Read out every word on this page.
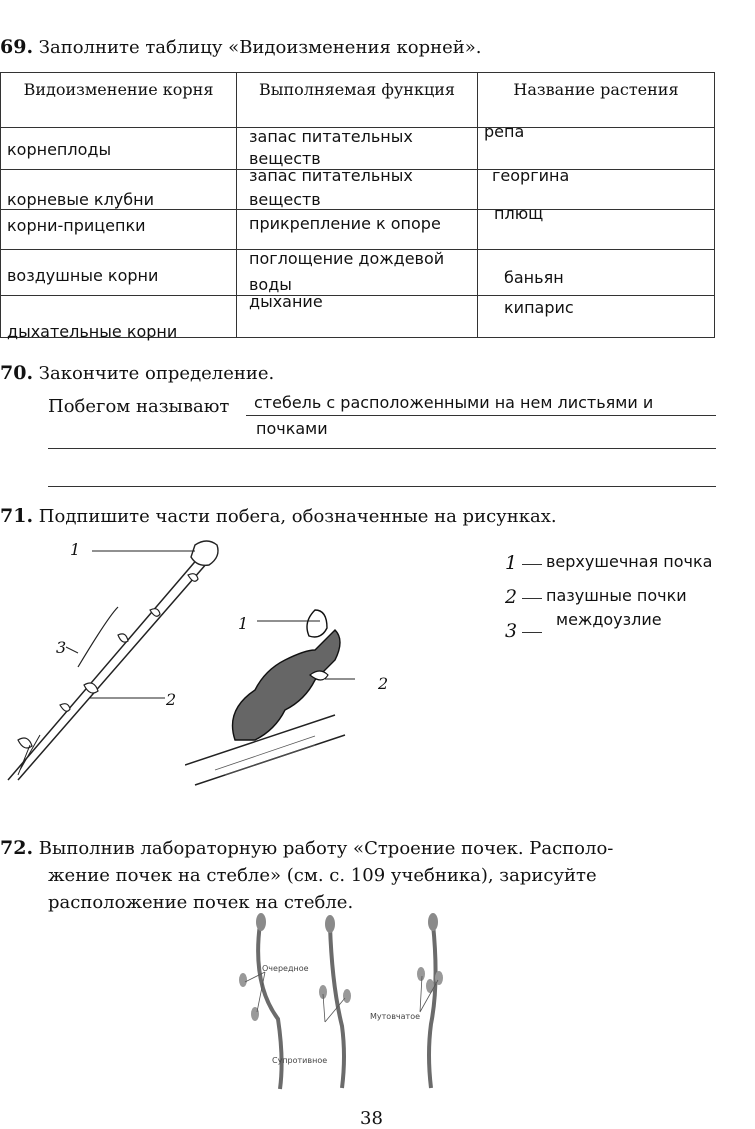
69. Заполните таблицу «Видоизменения корней».
Видоизменение корня	Выполняемая функция	Название растения

корнеплоды	запас питательных веществ	репа

корневые клубни	запас питательных веществ	георгина

корни-прицепки	прикрепление к опоре	плющ

воздушные корни	поглощение дождевой воды	баньян

дыхательные корни	дыхание	кипарис
70. Закончите определение.
Побегом называют стебель с расположенными на нем листьями и
почками
71. Подпишите части побега, обозначенные на рисунках.
1
3
2
1
2
1 верхушечная почка
2 пазушные почки
3
междоузлие
72. Выполнив лабораторную работу «Строение почек. Располо-
жение почек на стебле» (см. с. 109 учебника), зарисуйте
расположение почек на стебле.
Очередное
Супротивное
Мутовчатое
38
